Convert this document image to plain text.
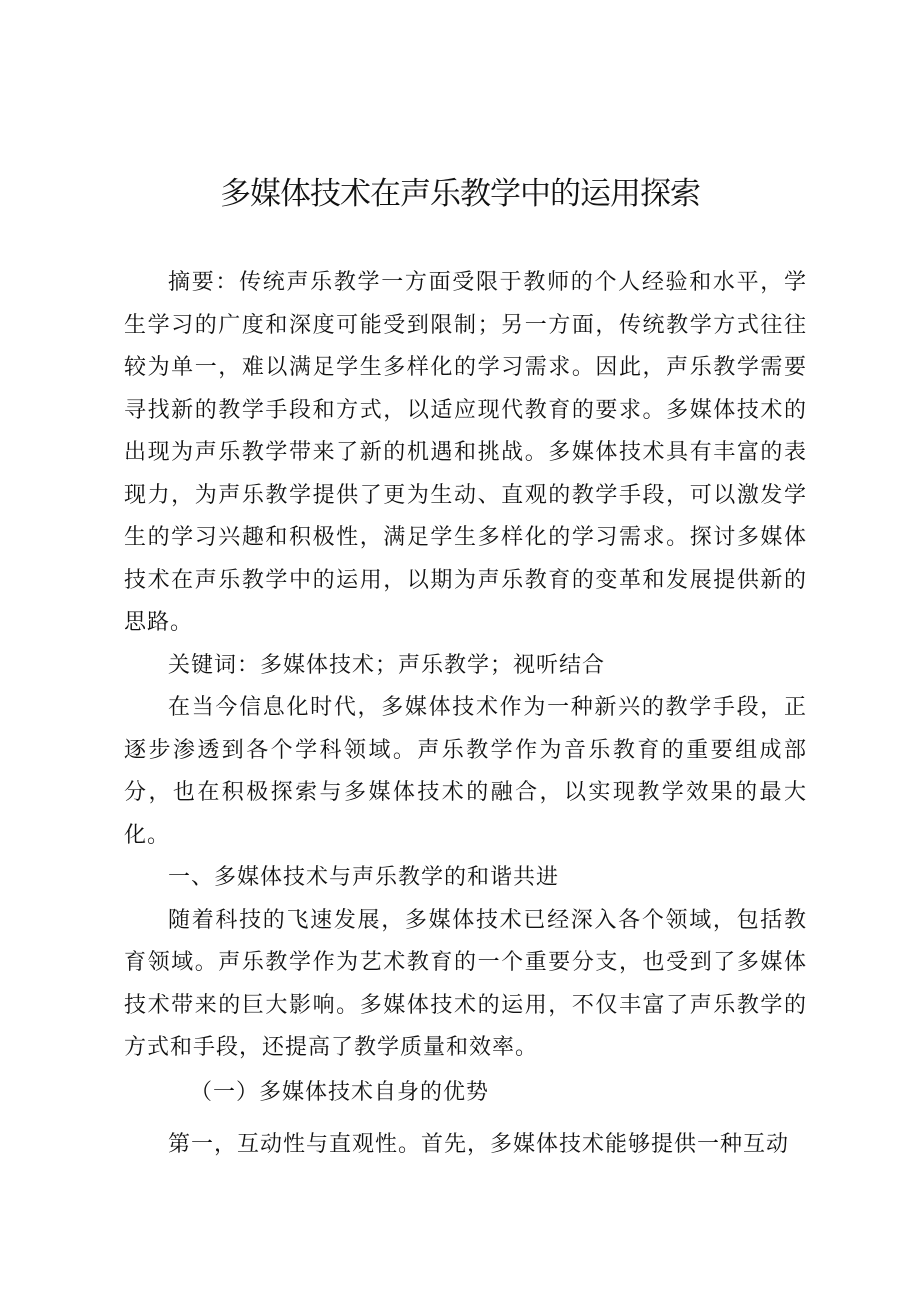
多媒体技术在声乐教学中的运用探索

摘要：传统声乐教学一方面受限于教师的个人经验和水平，学生学习的广度和深度可能受到限制；另一方面，传统教学方式往往较为单一，难以满足学生多样化的学习需求。因此，声乐教学需要寻找新的教学手段和方式，以适应现代教育的要求。多媒体技术的出现为声乐教学带来了新的机遇和挑战。多媒体技术具有丰富的表现力，为声乐教学提供了更为生动、直观的教学手段，可以激发学生的学习兴趣和积极性，满足学生多样化的学习需求。探讨多媒体技术在声乐教学中的运用，以期为声乐教育的变革和发展提供新的思路。

关键词：多媒体技术；声乐教学；视听结合

在当今信息化时代，多媒体技术作为一种新兴的教学手段，正逐步渗透到各个学科领域。声乐教学作为音乐教育的重要组成部分，也在积极探索与多媒体技术的融合，以实现教学效果的最大化。

一、多媒体技术与声乐教学的和谐共进

随着科技的飞速发展，多媒体技术已经深入各个领域，包括教育领域。声乐教学作为艺术教育的一个重要分支，也受到了多媒体技术带来的巨大影响。多媒体技术的运用，不仅丰富了声乐教学的方式和手段，还提高了教学质量和效率。

（一）多媒体技术自身的优势

第一，互动性与直观性。首先，多媒体技术能够提供一种互动
